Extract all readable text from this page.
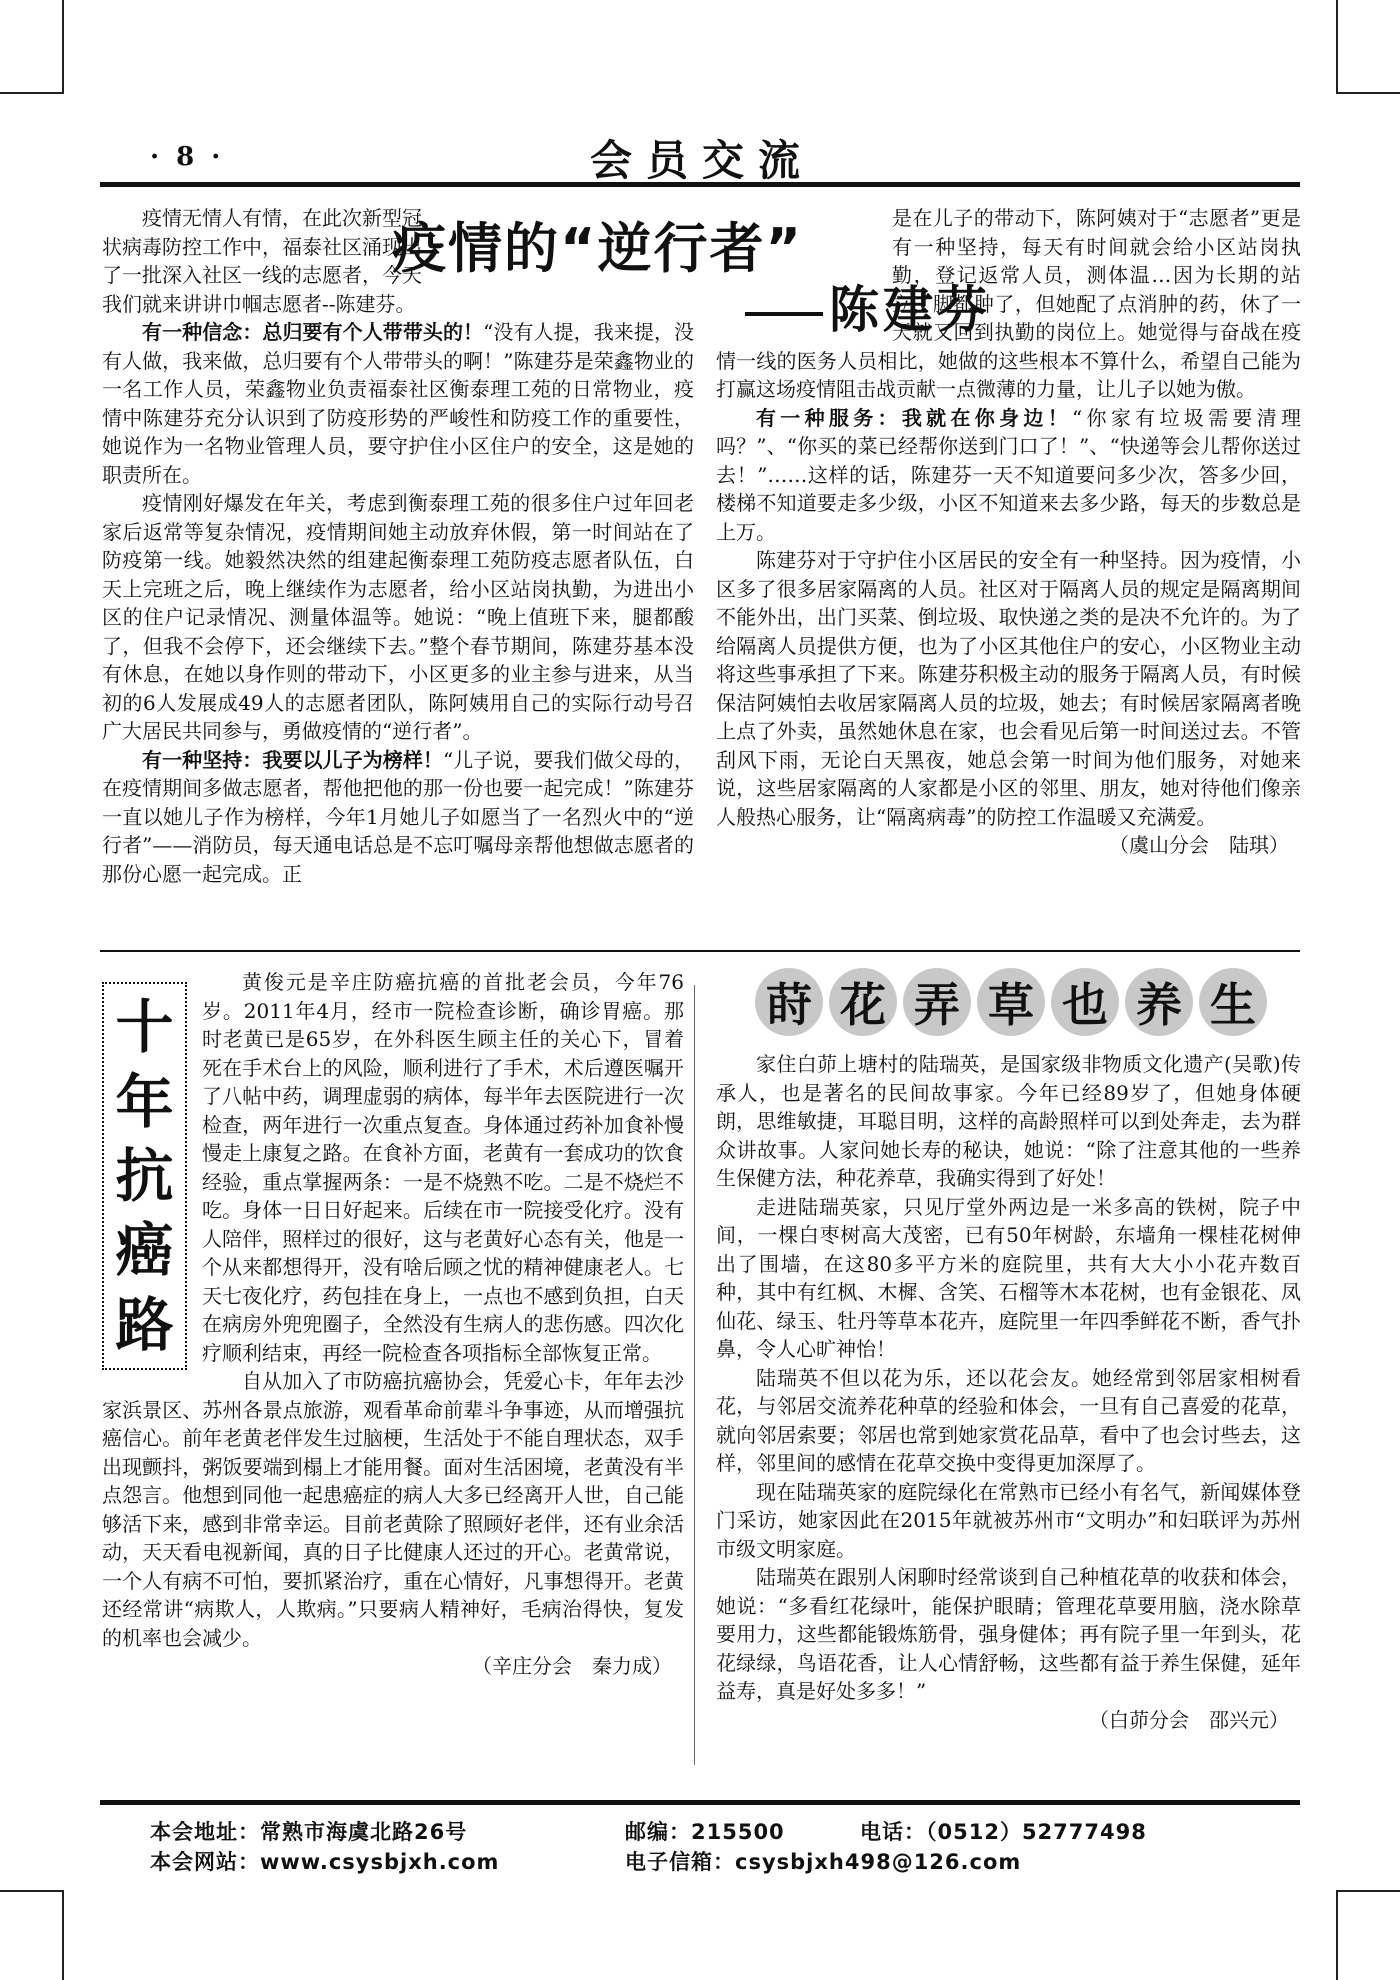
· 8 ·	会员交流
疫情的“逆行者”
陈建芬

疫情无情人有情，在此次新型冠状病毒防控工作中，福泰社区涌现出了一批深入社区一线的志愿者，今天我们就来讲讲巾帼志愿者--陈建芬。

有一种信念：总归要有个人带带头的！“没有人提，我来提，没有人做，我来做，总归要有个人带带头的啊！”陈建芬是荣鑫物业的一名工作人员，荣鑫物业负责福泰社区衡泰理工苑的日常物业，疫情中陈建芬充分认识到了防疫形势的严峻性和防疫工作的重要性，她说作为一名物业管理人员，要守护住小区住户的安全，这是她的职责所在。

疫情刚好爆发在年关，考虑到衡泰理工苑的很多住户过年回老家后返常等复杂情况，疫情期间她主动放弃休假，第一时间站在了防疫第一线。她毅然决然的组建起衡泰理工苑防疫志愿者队伍，白天上完班之后，晚上继续作为志愿者，给小区站岗执勤，为进出小区的住户记录情况、测量体温等。她说：“晚上值班下来，腿都酸了，但我不会停下，还会继续下去。”整个春节期间，陈建芬基本没有休息，在她以身作则的带动下，小区更多的业主参与进来，从当初的6人发展成49人的志愿者团队，陈阿姨用自己的实际行动号召广大居民共同参与，勇做疫情的“逆行者”。

有一种坚持：我要以儿子为榜样！“儿子说，要我们做父母的，在疫情期间多做志愿者，帮他把他的那一份也要一起完成！”陈建芬一直以她儿子作为榜样，今年1月她儿子如愿当了一名烈火中的“逆行者”——消防员，每天通电话总是不忘叮嘱母亲帮他想做志愿者的那份心愿一起完成。正

是在儿子的带动下，陈阿姨对于“志愿者”更是有一种坚持，每天有时间就会给小区站岗执勤，登记返常人员，测体温…因为长期的站立，脚都肿了，但她配了点消肿的药，休了一天就又回到执勤的岗位上。她觉得与奋战在疫情一线的医务人员相比，她做的这些根本不算什么，希望自己能为打赢这场疫情阻击战贡献一点微薄的力量，让儿子以她为傲。

有一种服务：我就在你身边！“你家有垃圾需要清理吗？”、“你买的菜已经帮你送到门口了！”、“快递等会儿帮你送过去！”……这样的话，陈建芬一天不知道要问多少次，答多少回，楼梯不知道要走多少级，小区不知道来去多少路，每天的步数总是上万。

陈建芬对于守护住小区居民的安全有一种坚持。因为疫情，小区多了很多居家隔离的人员。社区对于隔离人员的规定是隔离期间不能外出，出门买菜、倒垃圾、取快递之类的是决不允许的。为了给隔离人员提供方便，也为了小区其他住户的安心，小区物业主动将这些事承担了下来。陈建芬积极主动的服务于隔离人员，有时候保洁阿姨怕去收居家隔离人员的垃圾，她去；有时候居家隔离者晚上点了外卖，虽然她休息在家，也会看见后第一时间送过去。不管刮风下雨，无论白天黑夜，她总会第一时间为他们服务，对她来说，这些居家隔离的人家都是小区的邻里、朋友，她对待他们像亲人般热心服务，让“隔离病毒”的防控工作温暖又充满爱。

（虞山分会　陆琪）

十
年
抗
癌
路

黄俊元是辛庄防癌抗癌的首批老会员，今年76岁。2011年4月，经市一院检查诊断，确诊胃癌。那时老黄已是65岁，在外科医生顾主任的关心下，冒着死在手术台上的风险，顺利进行了手术，术后遵医嘱开了八帖中药，调理虚弱的病体，每半年去医院进行一次检查，两年进行一次重点复查。身体通过药补加食补慢慢走上康复之路。在食补方面，老黄有一套成功的饮食经验，重点掌握两条：一是不烧熟不吃。二是不烧烂不吃。身体一日日好起来。后续在市一院接受化疗。没有人陪伴，照样过的很好，这与老黄好心态有关，他是一个从来都想得开，没有啥后顾之忧的精神健康老人。七天七夜化疗，药包挂在身上，一点也不感到负担，白天在病房外兜兜圈子，全然没有生病人的悲伤感。四次化疗顺利结束，再经一院检查各项指标全部恢复正常。

自从加入了市防癌抗癌协会，凭爱心卡，年年去沙家浜景区、苏州各景点旅游，观看革命前辈斗争事迹，从而增强抗癌信心。前年老黄老伴发生过脑梗，生活处于不能自理状态，双手出现颤抖，粥饭要端到榻上才能用餐。面对生活困境，老黄没有半点怨言。他想到同他一起患癌症的病人大多已经离开人世，自己能够活下来，感到非常幸运。目前老黄除了照顾好老伴，还有业余活动，天天看电视新闻，真的日子比健康人还过的开心。老黄常说，一个人有病不可怕，要抓紧治疗，重在心情好，凡事想得开。老黄还经常讲“病欺人，人欺病。”只要病人精神好，毛病治得快，复发的机率也会减少。

（辛庄分会　秦力成）

莳 花 弄 草 也 养 生

家住白茆上塘村的陆瑞英，是国家级非物质文化遗产(吴歌)传承人，也是著名的民间故事家。今年已经89岁了，但她身体硬朗，思维敏捷，耳聪目明，这样的高龄照样可以到处奔走，去为群众讲故事。人家问她长寿的秘诀，她说：“除了注意其他的一些养生保健方法，种花养草，我确实得到了好处！

走进陆瑞英家，只见厅堂外两边是一米多高的铁树，院子中间，一棵白枣树高大茂密，已有50年树龄，东墙角一棵桂花树伸出了围墙，在这80多平方米的庭院里，共有大大小小花卉数百种，其中有红枫、木樨、含笑、石榴等木本花树，也有金银花、凤仙花、绿玉、牡丹等草本花卉，庭院里一年四季鲜花不断，香气扑鼻，令人心旷神怡！

陆瑞英不但以花为乐，还以花会友。她经常到邻居家相树看花，与邻居交流养花种草的经验和体会，一旦有自己喜爱的花草，就向邻居索要；邻居也常到她家赏花品草，看中了也会讨些去，这样，邻里间的感情在花草交换中变得更加深厚了。

现在陆瑞英家的庭院绿化在常熟市已经小有名气，新闻媒体登门采访，她家因此在2015年就被苏州市“文明办”和妇联评为苏州市级文明家庭。

陆瑞英在跟别人闲聊时经常谈到自己种植花草的收获和体会，她说：“多看红花绿叶，能保护眼睛；管理花草要用脑，浇水除草要用力，这些都能锻炼筋骨，强身健体；再有院子里一年到头，花花绿绿，鸟语花香，让人心情舒畅，这些都有益于养生保健，延年益寿，真是好处多多！”

（白茆分会　邵兴元）

本会地址：常熟市海虞北路26号	邮编：215500	电话：（0512）52777498
本会网站：www.csysbjxh.com	电子信箱：csysbjxh498@126.com
